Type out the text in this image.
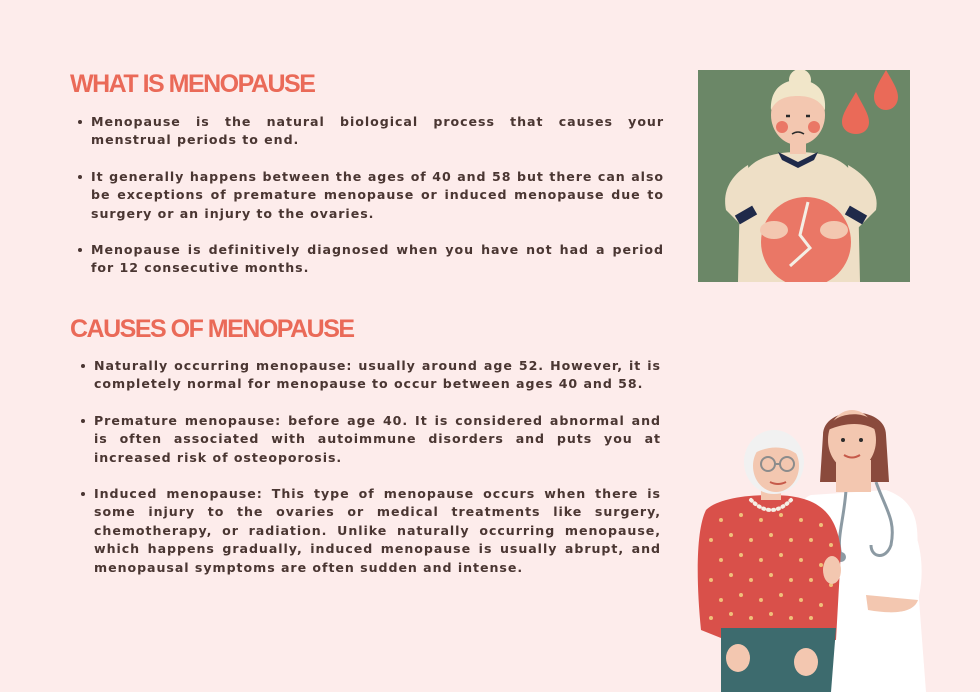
WHAT IS MENOPAUSE
Menopause is the natural biological process that causes your menstrual periods to end.
It generally happens between the ages of 40 and 58 but there can also be exceptions of premature menopause or induced menopause due to surgery or an injury to the ovaries.
Menopause is definitively diagnosed when you have not had a period for 12 consecutive months.
CAUSES OF MENOPAUSE
Naturally occurring menopause: usually around age 52. However, it is completely normal for menopause to occur between ages 40 and 58.
Premature menopause: before age 40. It is considered abnormal and is often associated with autoimmune disorders and puts you at increased risk of osteoporosis.
Induced menopause: This type of menopause occurs when there is some injury to the ovaries or medical treatments like surgery, chemotherapy, or radiation. Unlike naturally occurring menopause, which happens gradually, induced menopause is usually abrupt, and menopausal symptoms are often sudden and intense.
